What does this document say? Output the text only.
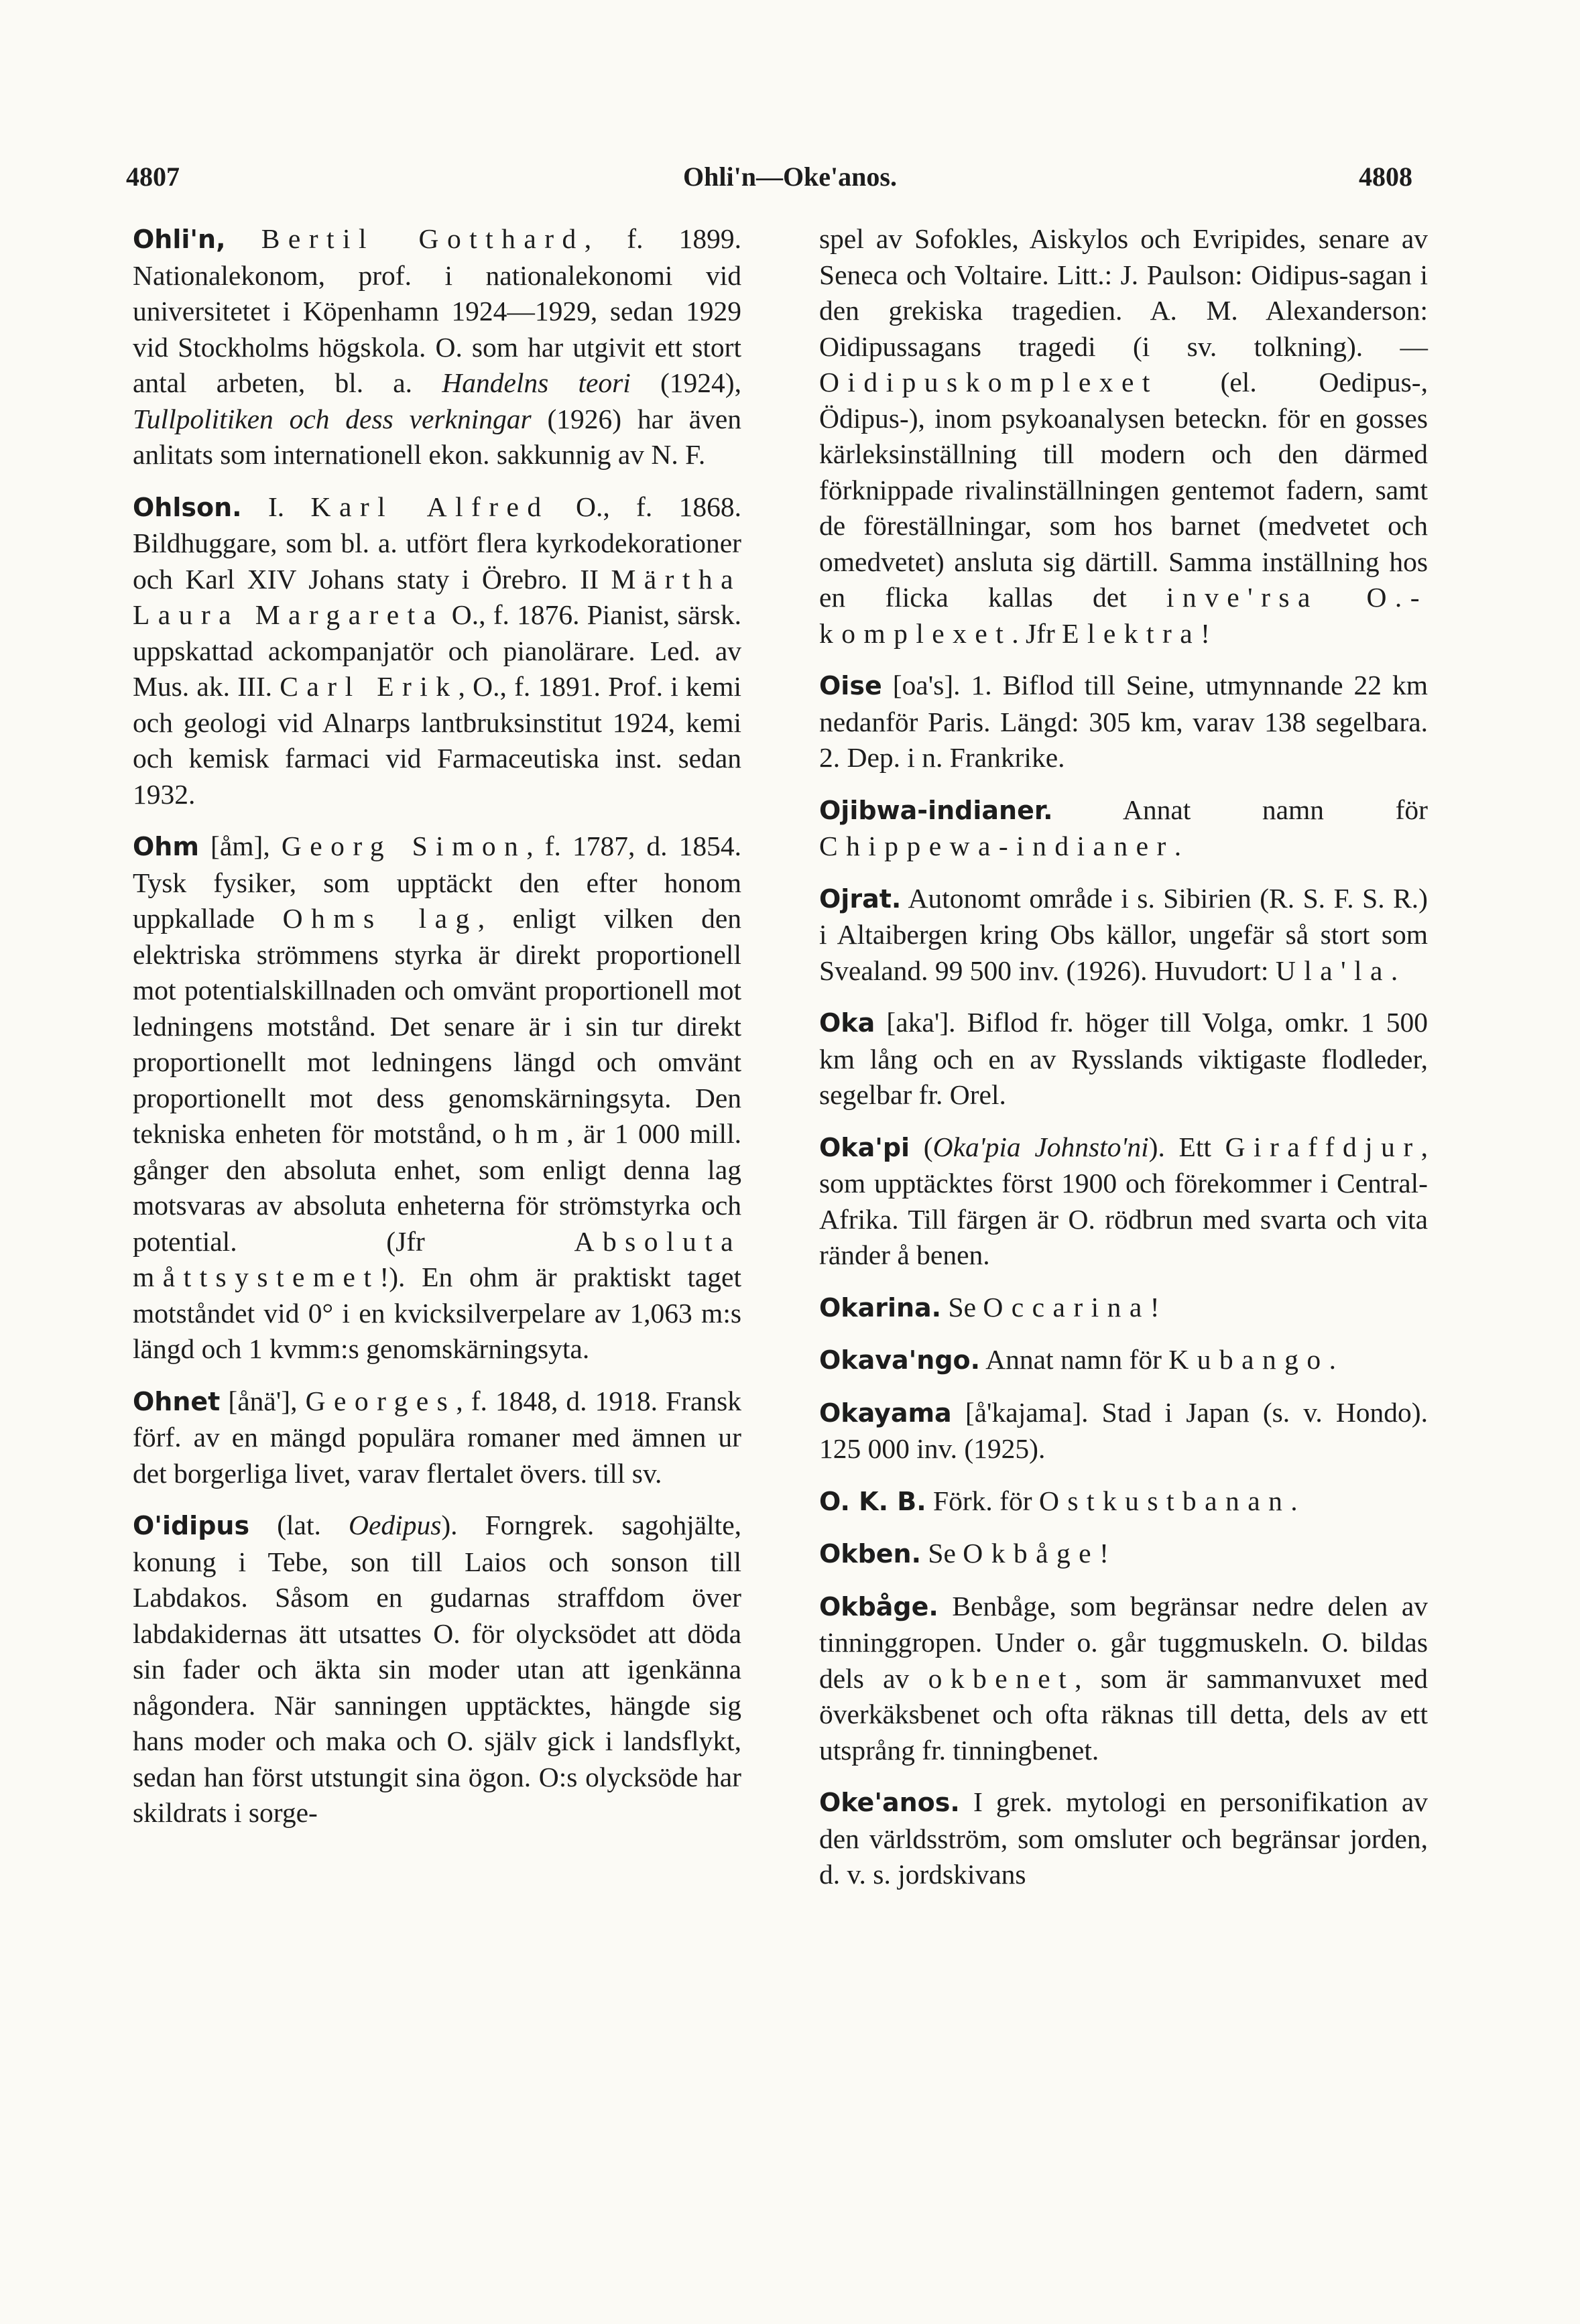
4807	Ohli'n—Oke'anos.	4808

Ohli'n, Bertil Gotthard, f. 1899. Nationalekonom, prof. i nationalekonomi vid universitetet i Köpenhamn 1924—1929, sedan 1929 vid Stockholms högskola. O. som har utgivit ett stort antal arbeten, bl. a. Handelns teori (1924), Tullpolitiken och dess verkningar (1926) har även anlitats som internationell ekon. sakkunnig av N. F.

Ohlson. I. Karl Alfred O., f. 1868. Bildhuggare, som bl. a. utfört flera kyrkodekorationer och Karl XIV Johans staty i Örebro. II Märtha Laura Margareta O., f. 1876. Pianist, särsk. uppskattad ackompanjatör och pianolärare. Led. av Mus. ak. III. Carl Erik, O., f. 1891. Prof. i kemi och geologi vid Alnarps lantbruksinstitut 1924, kemi och kemisk farmaci vid Farmaceutiska inst. sedan 1932.

Ohm [åm], Georg Simon, f. 1787, d. 1854. Tysk fysiker, som upptäckt den efter honom uppkallade Ohms lag, enligt vilken den elektriska strömmens styrka är direkt proportionell mot potentialskillnaden och omvänt proportionell mot ledningens motstånd. Det senare är i sin tur direkt proportionellt mot ledningens längd och omvänt proportionellt mot dess genomskärningsyta. Den tekniska enheten för motstånd, ohm, är 1 000 mill. gånger den absoluta enhet, som enligt denna lag motsvaras av absoluta enheterna för strömstyrka och potential. (Jfr Absoluta måttsystemet!). En ohm är praktiskt taget motståndet vid 0° i en kvicksilverpelare av 1,063 m:s längd och 1 kvmm:s genomskärningsyta.

Ohnet [ånä'], Georges, f. 1848, d. 1918. Fransk förf. av en mängd populära romaner med ämnen ur det borgerliga livet, varav flertalet övers. till sv.

O'idipus (lat. Oedipus). Forngrek. sagohjälte, konung i Tebe, son till Laios och sonson till Labdakos. Såsom en gudarnas straffdom över labdakidernas ätt utsattes O. för olycksödet att döda sin fader och äkta sin moder utan att igenkänna någondera. När sanningen upptäcktes, hängde sig hans moder och maka och O. själv gick i landsflykt, sedan han först utstungit sina ögon. O:s olycksöde har skildrats i sorge-

spel av Sofokles, Aiskylos och Evripides, senare av Seneca och Voltaire. Litt.: J. Paulson: Oidipus-sagan i den grekiska tragedien. A. M. Alexanderson: Oidipussagans tragedi (i sv. tolkning). — Oidipuskomplexet (el. Oedipus-, Ödipus-), inom psykoanalysen beteckn. för en gosses kärleksinställning till modern och den därmed förknippade rivalinställningen gentemot fadern, samt de föreställningar, som hos barnet (medvetet och omedvetet) ansluta sig därtill. Samma inställning hos en flicka kallas det inve'rsa O.-komplexet. Jfr Elektra!

Oise [oa's]. 1. Biflod till Seine, utmynnande 22 km nedanför Paris. Längd: 305 km, varav 138 segelbara. 2. Dep. i n. Frankrike.

Ojibwa-indianer. Annat namn för Chippewa-indianer.

Ojrat. Autonomt område i s. Sibirien (R. S. F. S. R.) i Altaibergen kring Obs källor, ungefär så stort som Svealand. 99 500 inv. (1926). Huvudort: Ula'la.

Oka [aka']. Biflod fr. höger till Volga, omkr. 1 500 km lång och en av Rysslands viktigaste flodleder, segelbar fr. Orel.

Oka'pi (Oka'pia Johnsto'ni). Ett Giraffdjur, som upptäcktes först 1900 och förekommer i Central-Afrika. Till färgen är O. rödbrun med svarta och vita ränder å benen.

Okarina. Se Occarina!

Okava'ngo. Annat namn för Kubango.

Okayama [å'kajama]. Stad i Japan (s. v. Hondo). 125 000 inv. (1925).

O. K. B. Förk. för Ostkustbanan.

Okben. Se Okbåge!

Okbåge. Benbåge, som begränsar nedre delen av tinninggropen. Under o. går tuggmuskeln. O. bildas dels av okbenet, som är sammanvuxet med överkäksbenet och ofta räknas till detta, dels av ett utsprång fr. tinningbenet.

Oke'anos. I grek. mytologi en personifikation av den världsström, som omsluter och begränsar jorden, d. v. s. jordskivans
